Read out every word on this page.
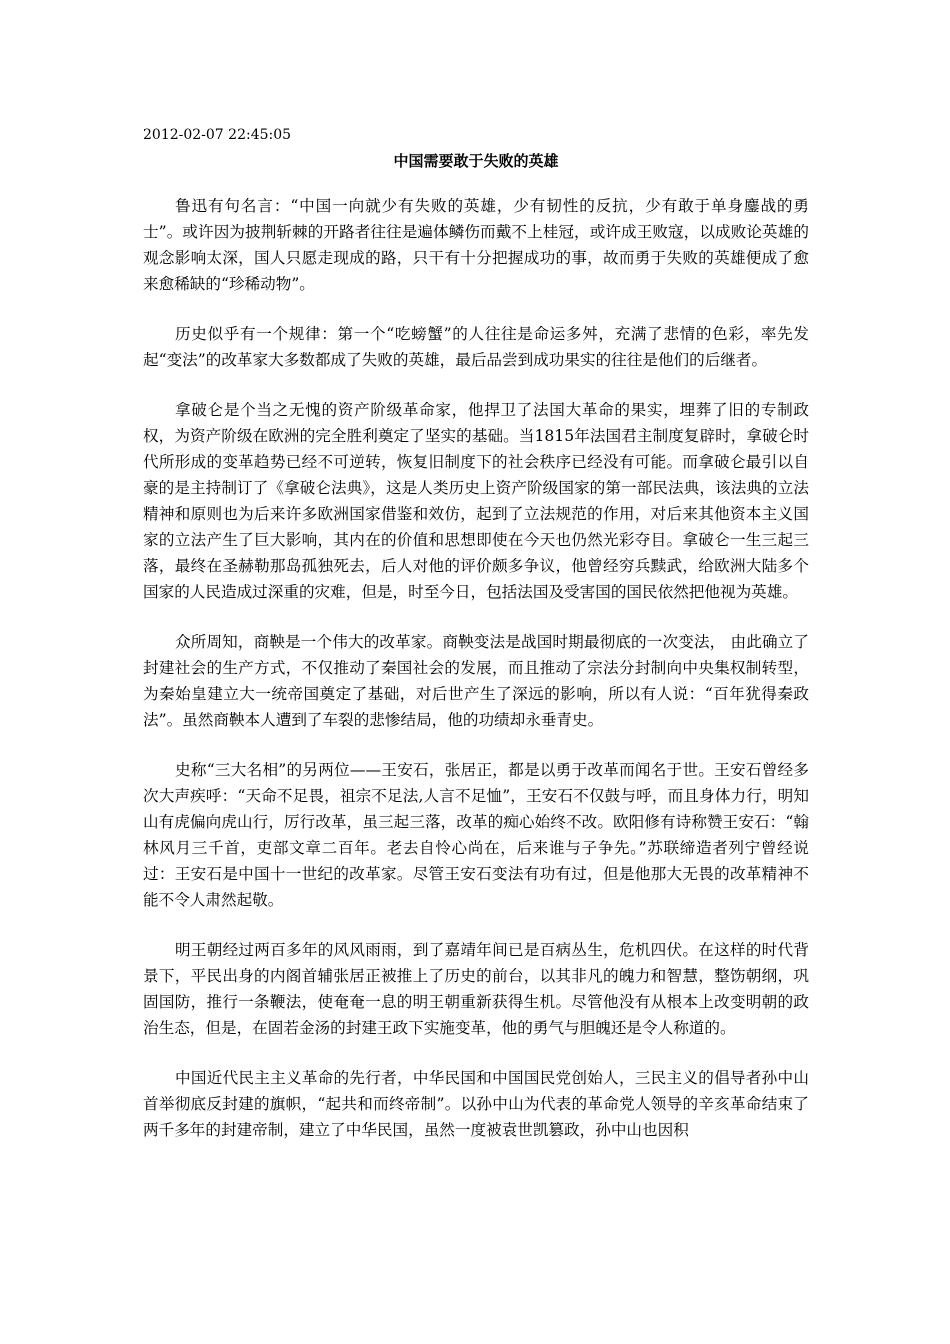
2012-02-07 22:45:05
中国需要敢于失败的英雄

鲁迅有句名言：“中国一向就少有失败的英雄，少有韧性的反抗，少有敢于单身鏖战的勇士”。或许因为披荆斩棘的开路者往往是遍体鳞伤而戴不上桂冠，或许成王败寇，以成败论英雄的观念影响太深，国人只愿走现成的路，只干有十分把握成功的事，故而勇于失败的英雄便成了愈来愈稀缺的“珍稀动物”。

历史似乎有一个规律：第一个“吃螃蟹”的人往往是命运多舛，充满了悲情的色彩，率先发起“变法”的改革家大多数都成了失败的英雄，最后品尝到成功果实的往往是他们的后继者。

拿破仑是个当之无愧的资产阶级革命家，他捍卫了法国大革命的果实，埋葬了旧的专制政权，为资产阶级在欧洲的完全胜利奠定了坚实的基础。当1815年法国君主制度复辟时，拿破仑时代所形成的变革趋势已经不可逆转，恢复旧制度下的社会秩序已经没有可能。而拿破仑最引以自豪的是主持制订了《拿破仑法典》，这是人类历史上资产阶级国家的第一部民法典，该法典的立法精神和原则也为后来许多欧洲国家借鉴和效仿，起到了立法规范的作用，对后来其他资本主义国家的立法产生了巨大影响，其内在的价值和思想即使在今天也仍然光彩夺目。拿破仑一生三起三落，最终在圣赫勒那岛孤独死去，后人对他的评价颇多争议，他曾经穷兵黩武，给欧洲大陆多个国家的人民造成过深重的灾难，但是，时至今日，包括法国及受害国的国民依然把他视为英雄。

众所周知，商鞅是一个伟大的改革家。商鞅变法是战国时期最彻底的一次变法， 由此确立了封建社会的生产方式，不仅推动了秦国社会的发展，而且推动了宗法分封制向中央集权制转型，为秦始皇建立大一统帝国奠定了基础，对后世产生了深远的影响，所以有人说：“百年犹得秦政法”。虽然商鞅本人遭到了车裂的悲惨结局，他的功绩却永垂青史。

史称“三大名相”的另两位——王安石，张居正，都是以勇于改革而闻名于世。王安石曾经多次大声疾呼：“天命不足畏，祖宗不足法,人言不足恤”，王安石不仅鼓与呼，而且身体力行，明知山有虎偏向虎山行，厉行改革，虽三起三落，改革的痴心始终不改。欧阳修有诗称赞王安石：“翰林风月三千首，吏部文章二百年。老去自怜心尚在，后来谁与子争先。”苏联缔造者列宁曾经说过：王安石是中国十一世纪的改革家。尽管王安石变法有功有过，但是他那大无畏的改革精神不能不令人肃然起敬。

明王朝经过两百多年的风风雨雨，到了嘉靖年间已是百病丛生，危机四伏。在这样的时代背景下，平民出身的内阁首辅张居正被推上了历史的前台，以其非凡的魄力和智慧，整饬朝纲，巩固国防，推行一条鞭法，使奄奄一息的明王朝重新获得生机。尽管他没有从根本上改变明朝的政治生态，但是，在固若金汤的封建王政下实施变革，他的勇气与胆魄还是令人称道的。

中国近代民主主义革命的先行者，中华民国和中国国民党创始人，三民主义的倡导者孙中山首举彻底反封建的旗帜，“起共和而终帝制”。以孙中山为代表的革命党人领导的辛亥革命结束了两千多年的封建帝制，建立了中华民国，虽然一度被袁世凯篡政，孙中山也因积
